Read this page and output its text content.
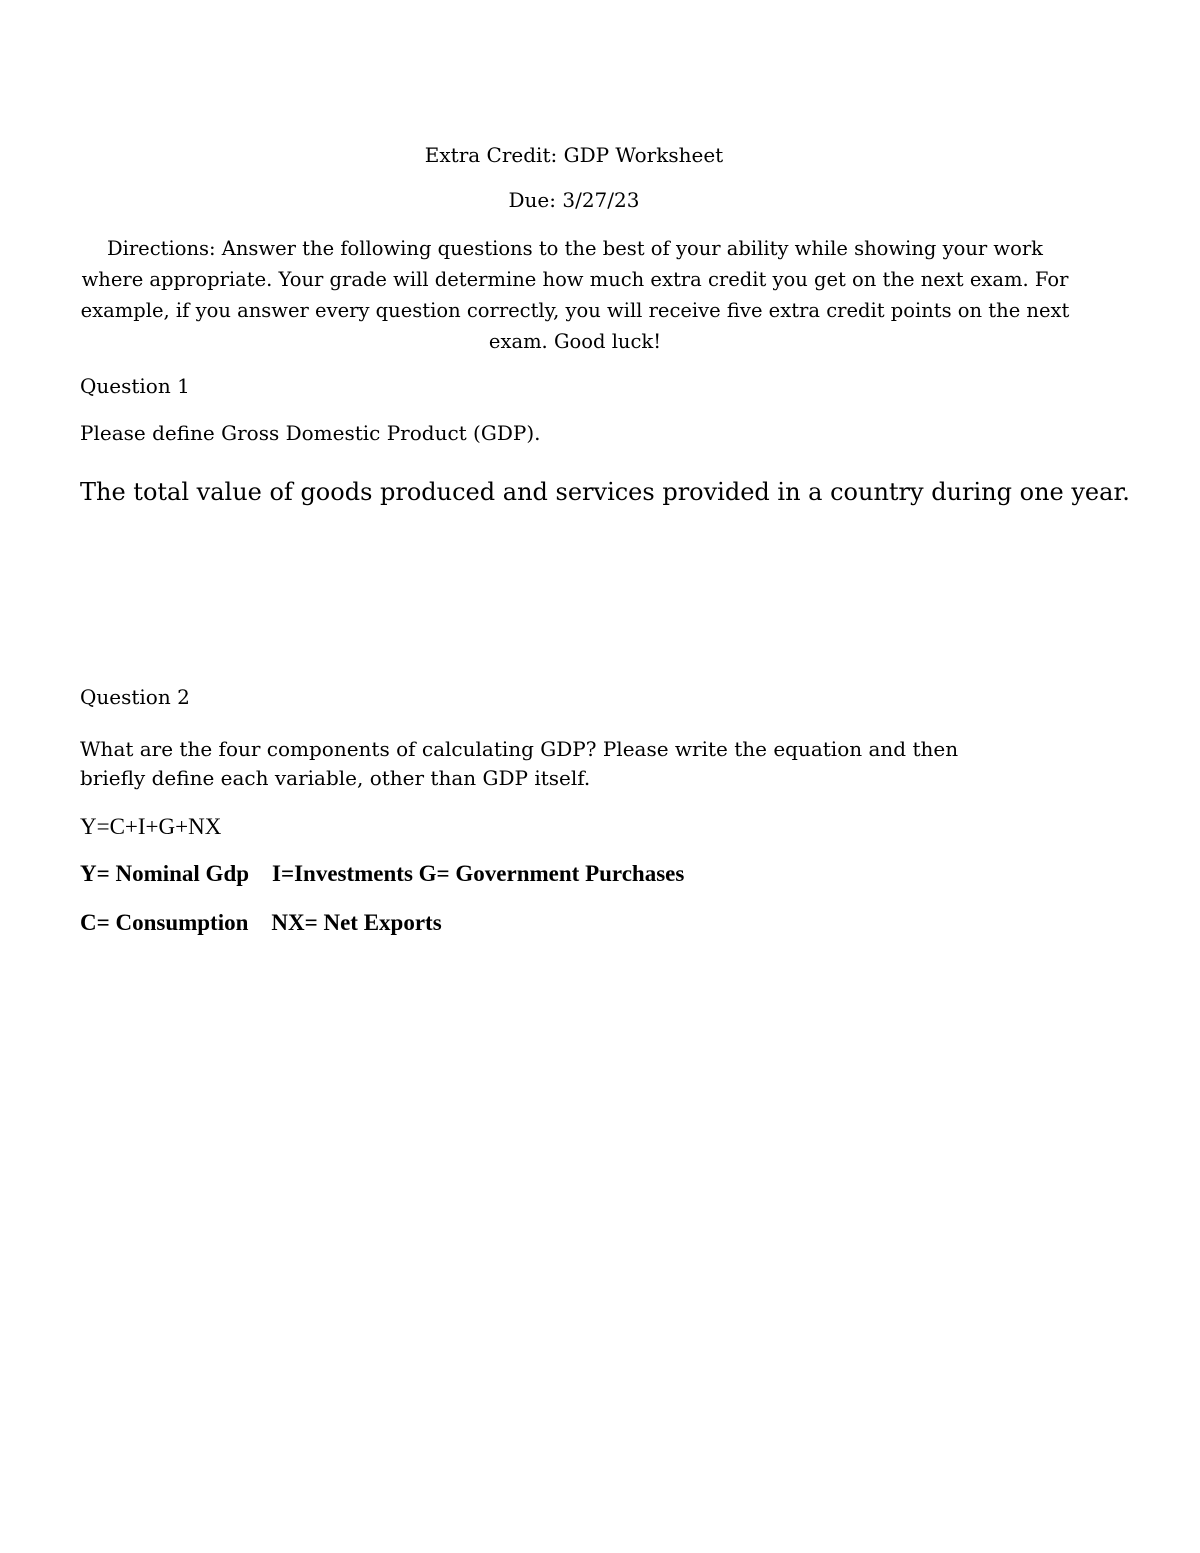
Extra Credit: GDP Worksheet
Due: 3/27/23
Directions: Answer the following questions to the best of your ability while showing your work where appropriate. Your grade will determine how much extra credit you get on the next exam. For example, if you answer every question correctly, you will receive five extra credit points on the next exam. Good luck!
Question 1
Please define Gross Domestic Product (GDP).
The total value of goods produced and services provided in a country during one year.
Question 2
What are the four components of calculating GDP? Please write the equation and then briefly define each variable, other than GDP itself.
Y=C+I+G+NX
Y= Nominal Gdp    I=Investments G= Government Purchases
C= Consumption    NX= Net Exports
